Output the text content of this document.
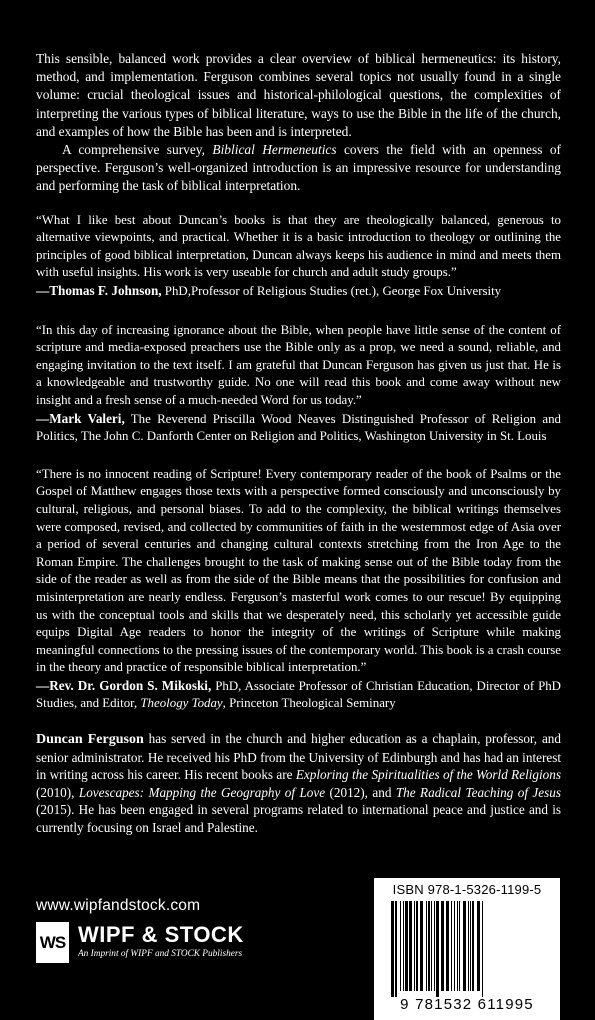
This sensible, balanced work provides a clear overview of biblical hermeneutics: its history, method, and implementation. Ferguson combines several topics not usually found in a single volume: crucial theological issues and historical-philological questions, the complexities of interpreting the various types of biblical literature, ways to use the Bible in the life of the church, and examples of how the Bible has been and is interpreted.

A comprehensive survey, Biblical Hermeneutics covers the field with an openness of perspective. Ferguson’s well-organized introduction is an impressive resource for understanding and performing the task of biblical interpretation.

“What I like best about Duncan’s books is that they are theologically balanced, generous to alternative viewpoints, and practical. Whether it is a basic introduction to theology or outlining the principles of good biblical interpretation, Duncan always keeps his audience in mind and meets them with useful insights. His work is very useable for church and adult study groups.”

—Thomas F. Johnson, PhD,Professor of Religious Studies (ret.), George Fox University

“In this day of increasing ignorance about the Bible, when people have little sense of the content of scripture and media-exposed preachers use the Bible only as a prop, we need a sound, reliable, and engaging invitation to the text itself. I am grateful that Duncan Ferguson has given us just that. He is a knowledgeable and trustworthy guide. No one will read this book and come away without new insight and a fresh sense of a much-needed Word for us today.”

—Mark Valeri, The Reverend Priscilla Wood Neaves Distinguished Professor of Religion and Politics, The John C. Danforth Center on Religion and Politics, Washington University in St. Louis

“There is no innocent reading of Scripture! Every contemporary reader of the book of Psalms or the Gospel of Matthew engages those texts with a perspective formed consciously and unconsciously by cultural, religious, and personal biases. To add to the complexity, the biblical writings themselves were composed, revised, and collected by communities of faith in the westernmost edge of Asia over a period of several centuries and changing cultural contexts stretching from the Iron Age to the Roman Empire. The challenges brought to the task of making sense out of the Bible today from the side of the reader as well as from the side of the Bible means that the possibilities for confusion and misinterpretation are nearly endless. Ferguson’s masterful work comes to our rescue! By equipping us with the conceptual tools and skills that we desperately need, this scholarly yet accessible guide equips Digital Age readers to honor the integrity of the writings of Scripture while making meaningful connections to the pressing issues of the contemporary world. This book is a crash course in the theory and practice of responsible biblical interpretation.”

—Rev. Dr. Gordon S. Mikoski, PhD, Associate Professor of Christian Education, Director of PhD Studies, and Editor, Theology Today, Princeton Theological Seminary

Duncan Ferguson has served in the church and higher education as a chaplain, professor, and senior administrator. He received his PhD from the University of Edinburgh and has had an interest in writing across his career. His recent books are Exploring the Spiritualities of the World Religions (2010), Lovescapes: Mapping the Geography of Love (2012), and The Radical Teaching of Jesus (2015). He has been engaged in several programs related to international peace and justice and is currently focusing on Israel and Palestine.

www.wipfandstock.com
WS WIPF & STOCK
An Imprint of WIPF and STOCK Publishers
ISBN 978-1-5326-1199-5
9 781532 611995
